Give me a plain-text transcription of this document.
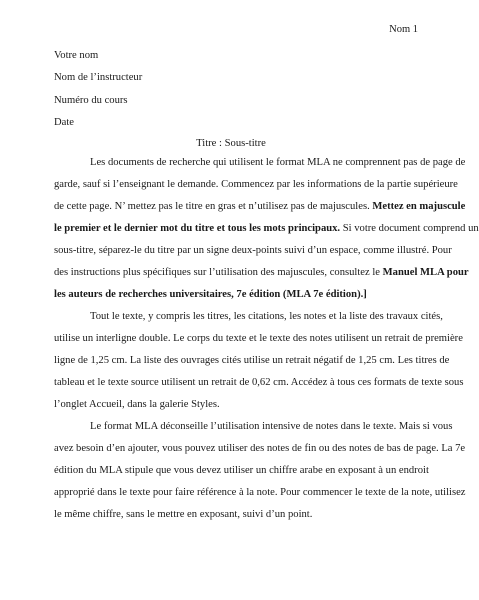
Nom 1
Votre nom
Nom de l’instructeur
Numéro du cours
Date
Titre : Sous-titre
Les documents de recherche qui utilisent le format MLA ne comprennent pas de page de
garde, sauf si l’enseignant le demande. Commencez par les informations de la partie supérieure
de cette page. N’ mettez pas le titre en gras et n’utilisez pas de majuscules. Mettez en majuscule
le premier et le dernier mot du titre et tous les mots principaux. Si votre document comprend un
sous-titre, séparez-le du titre par un signe deux-points suivi d’un espace, comme illustré. Pour
des instructions plus spécifiques sur l’utilisation des majuscules, consultez le Manuel MLA pour
les auteurs de recherches universitaires, 7e édition (MLA 7e édition).]
Tout le texte, y compris les titres, les citations, les notes et la liste des travaux cités,
utilise un interligne double. Le corps du texte et le texte des notes utilisent un retrait de première
ligne de 1,25 cm. La liste des ouvrages cités utilise un retrait négatif de 1,25 cm. Les titres de
tableau et le texte source utilisent un retrait de 0,62 cm. Accédez à tous ces formats de texte sous
l’onglet Accueil, dans la galerie Styles.
Le format MLA déconseille l’utilisation intensive de notes dans le texte. Mais si vous
avez besoin d’en ajouter, vous pouvez utiliser des notes de fin ou des notes de bas de page. La 7e
édition du MLA stipule que vous devez utiliser un chiffre arabe en exposant à un endroit
approprié dans le texte pour faire référence à la note. Pour commencer le texte de la note, utilisez
le même chiffre, sans le mettre en exposant, suivi d’un point.
